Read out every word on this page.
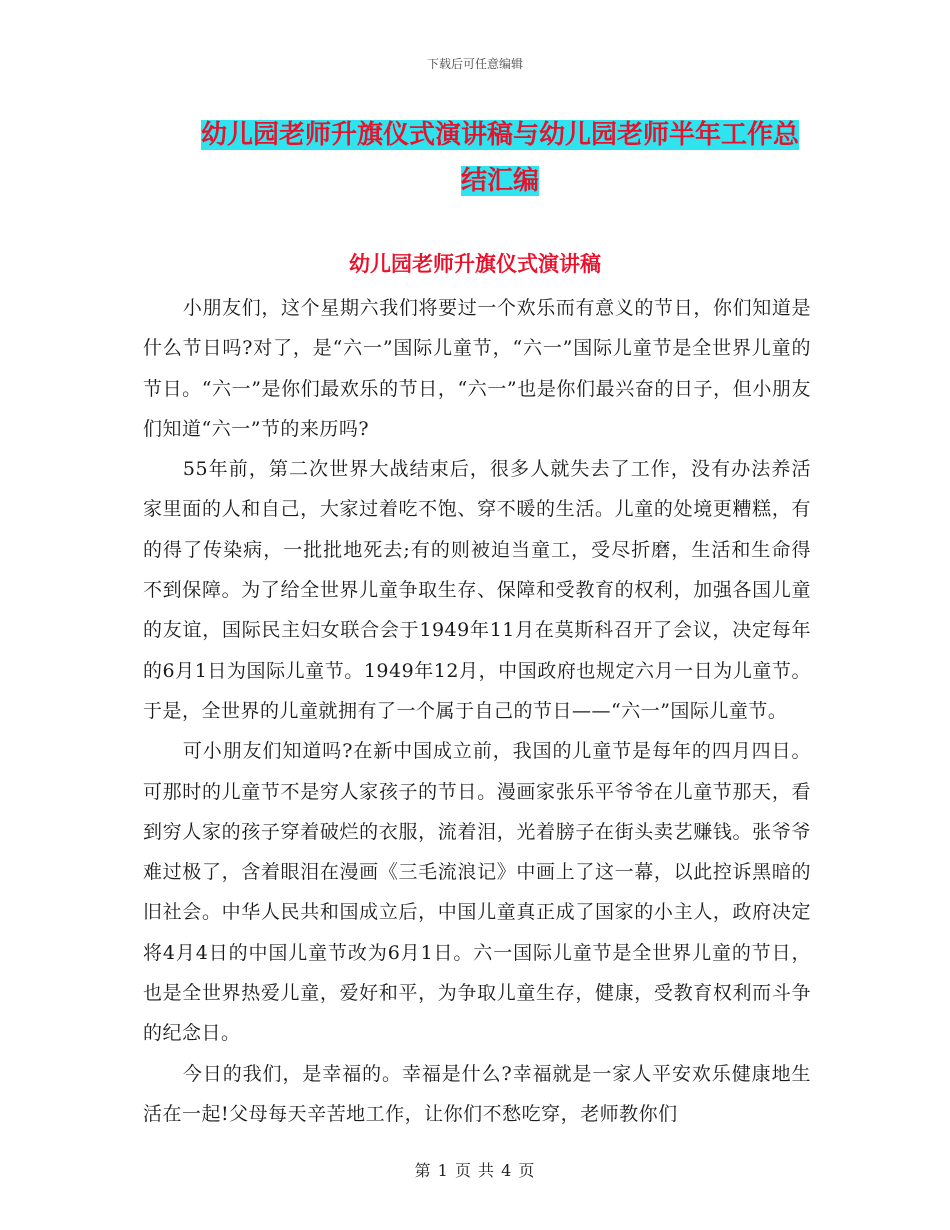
下载后可任意编辑
幼儿园老师升旗仪式演讲稿与幼儿园老师半年工作总
结汇编
幼儿园老师升旗仪式演讲稿

小朋友们，这个星期六我们将要过一个欢乐而有意义的节日，你们知道是什么节日吗?对了，是“六一”国际儿童节，“六一”国际儿童节是全世界儿童的节日。“六一”是你们最欢乐的节日，“六一”也是你们最兴奋的日子，但小朋友们知道“六一”节的来历吗?

55年前，第二次世界大战结束后，很多人就失去了工作，没有办法养活家里面的人和自己，大家过着吃不饱、穿不暖的生活。儿童的处境更糟糕，有的得了传染病，一批批地死去;有的则被迫当童工，受尽折磨，生活和生命得不到保障。为了给全世界儿童争取生存、保障和受教育的权利，加强各国儿童的友谊，国际民主妇女联合会于1949年11月在莫斯科召开了会议，决定每年的6月1日为国际儿童节。1949年12月，中国政府也规定六月一日为儿童节。于是，全世界的儿童就拥有了一个属于自己的节日——“六一”国际儿童节。

可小朋友们知道吗?在新中国成立前，我国的儿童节是每年的四月四日。可那时的儿童节不是穷人家孩子的节日。漫画家张乐平爷爷在儿童节那天，看到穷人家的孩子穿着破烂的衣服，流着泪，光着膀子在街头卖艺赚钱。张爷爷难过极了，含着眼泪在漫画《三毛流浪记》中画上了这一幕，以此控诉黑暗的旧社会。中华人民共和国成立后，中国儿童真正成了国家的小主人，政府决定将4月4日的中国儿童节改为6月1日。六一国际儿童节是全世界儿童的节日，也是全世界热爱儿童，爱好和平，为争取儿童生存，健康，受教育权利而斗争的纪念日。

今日的我们，是幸福的。幸福是什么?幸福就是一家人平安欢乐健康地生活在一起!父母每天辛苦地工作，让你们不愁吃穿，老师教你们

第 1 页 共 4 页
